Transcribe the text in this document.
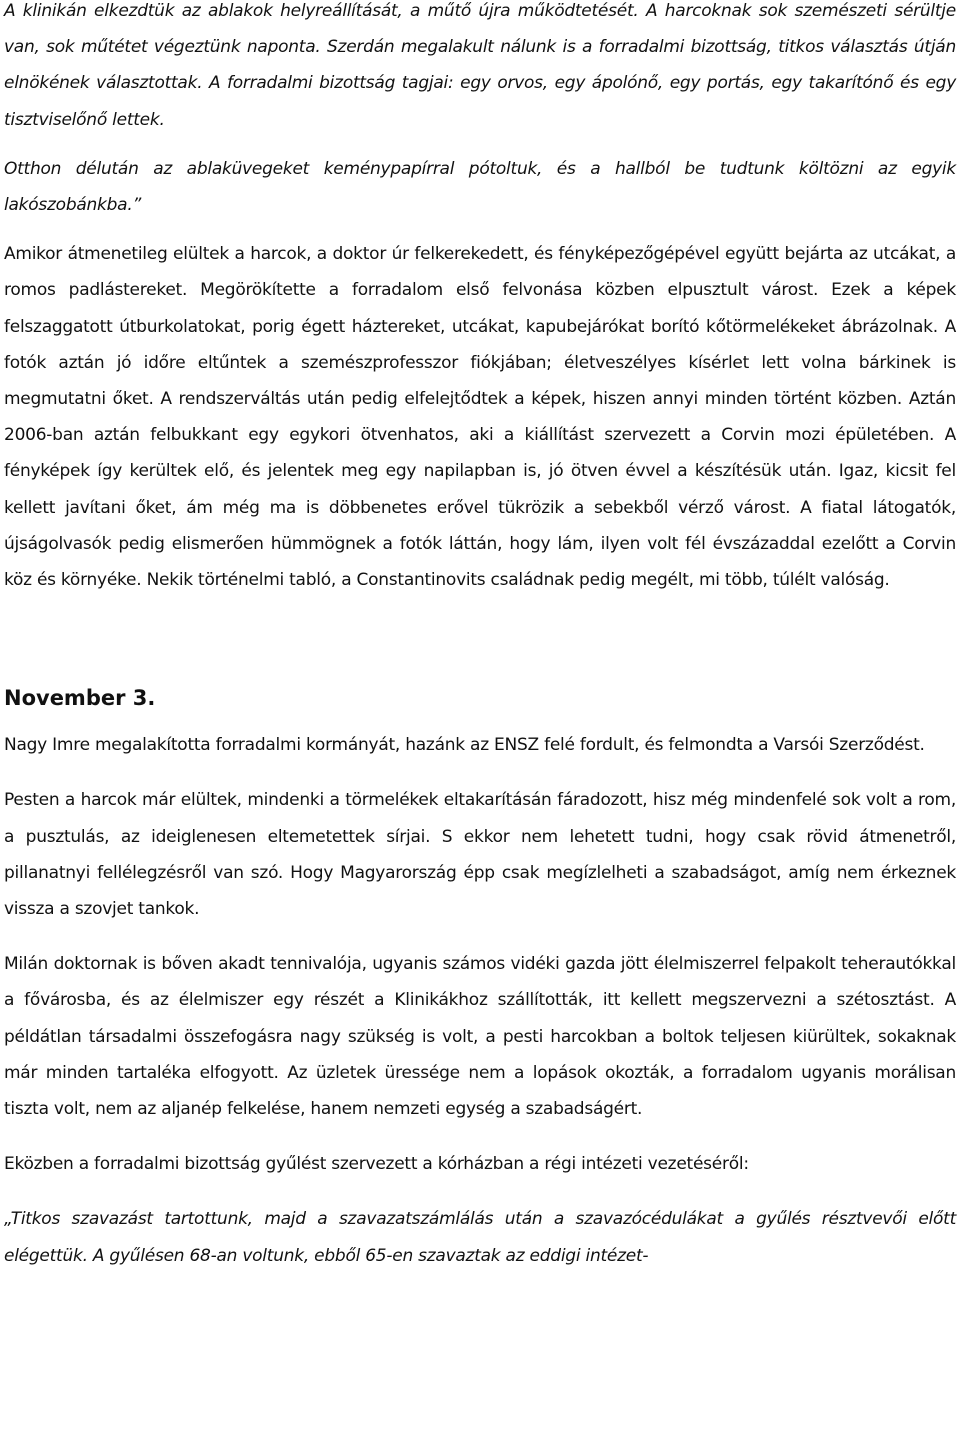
A klinikán elkezdtük az ablakok helyreállítását, a műtő újra működtetését. A harcoknak sok szemészeti sérültje van, sok műtétet végeztünk naponta. Szerdán megalakult nálunk is a forradalmi bizottság, titkos választás útján elnökének választottak. A forradalmi bizottság tagjai: egy orvos, egy ápolónő, egy portás, egy takarítónő és egy tisztviselőnő lettek.

Otthon délután az ablaküvegeket keménypapírral pótoltuk, és a hallból be tudtunk költözni az egyik lakószobánkba.”

Amikor átmenetileg elültek a harcok, a doktor úr felkerekedett, és fényképezőgépével együtt bejárta az utcákat, a romos padlástereket. Megörökítette a forradalom első felvonása közben elpusztult várost. Ezek a képek felszaggatott útburkolatokat, porig égett háztereket, utcákat, kapubejárókat borító kőtörmelékeket ábrázolnak. A fotók aztán jó időre eltűntek a szemészprofesszor fiókjában; életveszélyes kísérlet lett volna bárkinek is megmutatni őket. A rendszerváltás után pedig elfelejtődtek a képek, hiszen annyi minden történt közben. Aztán 2006-ban aztán felbukkant egy egykori ötvenhatos, aki a kiállítást szervezett a Corvin mozi épületében. A fényképek így kerültek elő, és jelentek meg egy napilapban is, jó ötven évvel a készítésük után. Igaz, kicsit fel kellett javítani őket, ám még ma is döbbenetes erővel tükrözik a sebekből vérző várost. A fiatal látogatók, újságolvasók pedig elismerően hümmögnek a fotók láttán, hogy lám, ilyen volt fél évszázaddal ezelőtt a Corvin köz és környéke. Nekik történelmi tabló, a Constantinovits családnak pedig megélt, mi több, túlélt valóság.

November 3.

Nagy Imre megalakította forradalmi kormányát, hazánk az ENSZ felé fordult, és felmondta a Varsói Szerződést.

Pesten a harcok már elültek, mindenki a törmelékek eltakarításán fáradozott, hisz még mindenfelé sok volt a rom, a pusztulás, az ideiglenesen eltemetettek sírjai. S ekkor nem lehetett tudni, hogy csak rövid átmenetről, pillanatnyi fellélegzésről van szó. Hogy Magyarország épp csak megízlelheti a szabadságot, amíg nem érkeznek vissza a szovjet tankok.

Milán doktornak is bőven akadt tennivalója, ugyanis számos vidéki gazda jött élelmiszerrel felpakolt teherautókkal a fővárosba, és az élelmiszer egy részét a Klinikákhoz szállították, itt kellett megszervezni a szétosztást. A példátlan társadalmi összefogásra nagy szükség is volt, a pesti harcokban a boltok teljesen kiürültek, sokaknak már minden tartaléka elfogyott. Az üzletek üressége nem a lopások okozták, a forradalom ugyanis morálisan tiszta volt, nem az aljanép felkelése, hanem nemzeti egység a szabadságért.

Eközben a forradalmi bizottság gyűlést szervezett a kórházban a régi intézeti vezetéséről:

„Titkos szavazást tartottunk, majd a szavazatszámlálás után a szavazócédulákat a gyűlés résztvevői előtt elégettük. A gyűlésen 68-an voltunk, ebből 65-en szavaztak az eddigi intézet-
